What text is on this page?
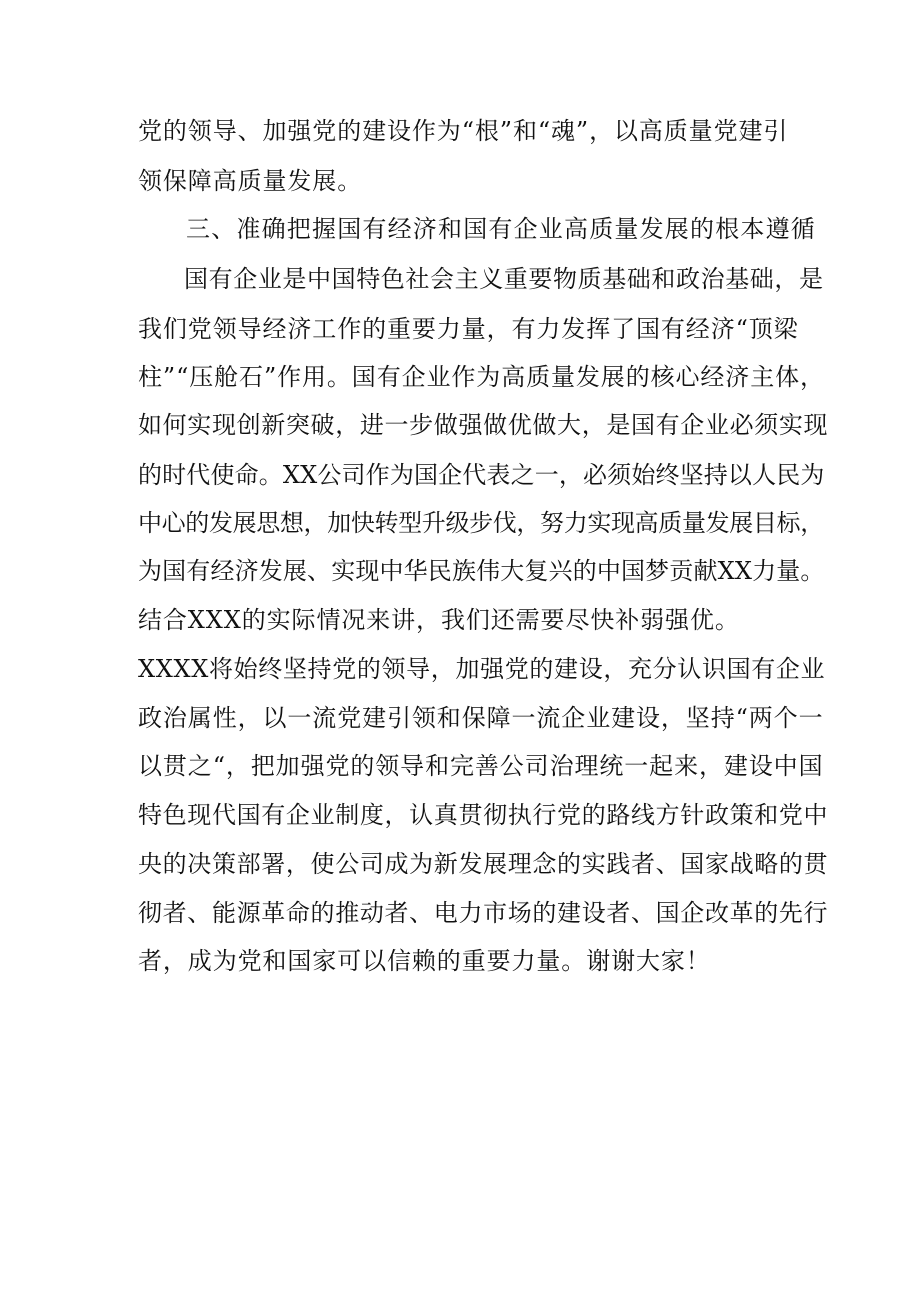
党的领导、加强党的建设作为“根”和“魂”，以高质量党建引
领保障高质量发展。
三、准确把握国有经济和国有企业高质量发展的根本遵循
国有企业是中国特色社会主义重要物质基础和政治基础，是
我们党领导经济工作的重要力量，有力发挥了国有经济“顶梁
柱”“压舱石”作用。国有企业作为高质量发展的核心经济主体，
如何实现创新突破，进一步做强做优做大，是国有企业必须实现
的时代使命。XX公司作为国企代表之一，必须始终坚持以人民为
中心的发展思想，加快转型升级步伐，努力实现高质量发展目标，
为国有经济发展、实现中华民族伟大复兴的中国梦贡献XX力量。
结合XXX的实际情况来讲，我们还需要尽快补弱强优。
XXXX将始终坚持党的领导，加强党的建设，充分认识国有企业
政治属性，以一流党建引领和保障一流企业建设，坚持“两个一
以贯之“，把加强党的领导和完善公司治理统一起来，建设中国
特色现代国有企业制度，认真贯彻执行党的路线方针政策和党中
央的决策部署，使公司成为新发展理念的实践者、国家战略的贯
彻者、能源革命的推动者、电力市场的建设者、国企改革的先行
者，成为党和国家可以信赖的重要力量。谢谢大家！
